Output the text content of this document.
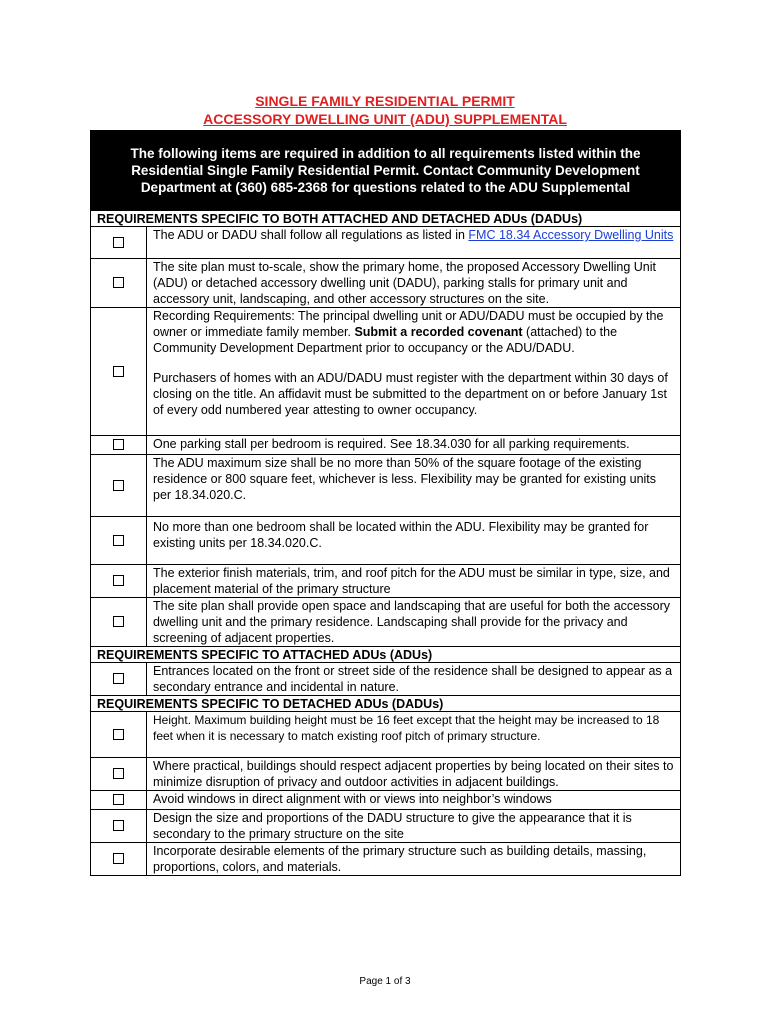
SINGLE FAMILY RESIDENTIAL PERMIT
ACCESSORY DWELLING UNIT (ADU) SUPPLEMENTAL
The following items are required in addition to all requirements listed within the
Residential Single Family Residential Permit. Contact Community Development
Department at (360) 685-2368 for questions related to the ADU Supplemental	

REQUIREMENTS SPECIFIC TO BOTH ATTACHED AND DETACHED ADUs (DADUs)	
	The ADU or DADU shall follow all regulations as listed in FMC 18.34 Accessory Dwelling Units
	The site plan must to-scale, show the primary home, the proposed Accessory Dwelling Unit (ADU) or detached accessory dwelling unit (DADU), parking stalls for primary unit and accessory unit, landscaping, and other accessory structures on the site.

	Recording Requirements: The principal dwelling unit or ADU/DADU must be occupied by the owner or immediate family member. Submit a recorded covenant (attached) to the Community Development Department prior to occupancy or the ADU/DADU.
Purchasers of homes with an ADU/DADU must register with the department within 30 days of closing on the title. An affidavit must be submitted to the department on or before January 1st of every odd numbered year attesting to owner occupancy.

	One parking stall per bedroom is required. See 18.34.030 for all parking requirements.
	The ADU maximum size shall be no more than 50% of the square footage of the existing residence or 800 square feet, whichever is less. Flexibility may be granted for existing units per 18.34.020.C.
	No more than one bedroom shall be located within the ADU. Flexibility may be granted for existing units per 18.34.020.C.
	The exterior finish materials, trim, and roof pitch for the ADU must be similar in type, size, and placement material of the primary structure
	The site plan shall provide open space and landscaping that are useful for both the accessory dwelling unit and the primary residence. Landscaping shall provide for the privacy and screening of adjacent properties.
REQUIREMENTS SPECIFIC TO ATTACHED ADUs (ADUs)	
	Entrances located on the front or street side of the residence shall be designed to appear as a secondary entrance and incidental in nature.
REQUIREMENTS SPECIFIC TO DETACHED ADUs (DADUs)	
	Height. Maximum building height must be 16 feet except that the height may be increased to 18 feet when it is necessary to match existing roof pitch of primary structure.
	Where practical, buildings should respect adjacent properties by being located on their sites to minimize disruption of privacy and outdoor activities in adjacent buildings.
	Avoid windows in direct alignment with or views into neighbor’s windows
	Design the size and proportions of the DADU structure to give the appearance that it is secondary to the primary structure on the site
	Incorporate desirable elements of the primary structure such as building details, massing, proportions, colors, and materials.
Page 1 of 3
